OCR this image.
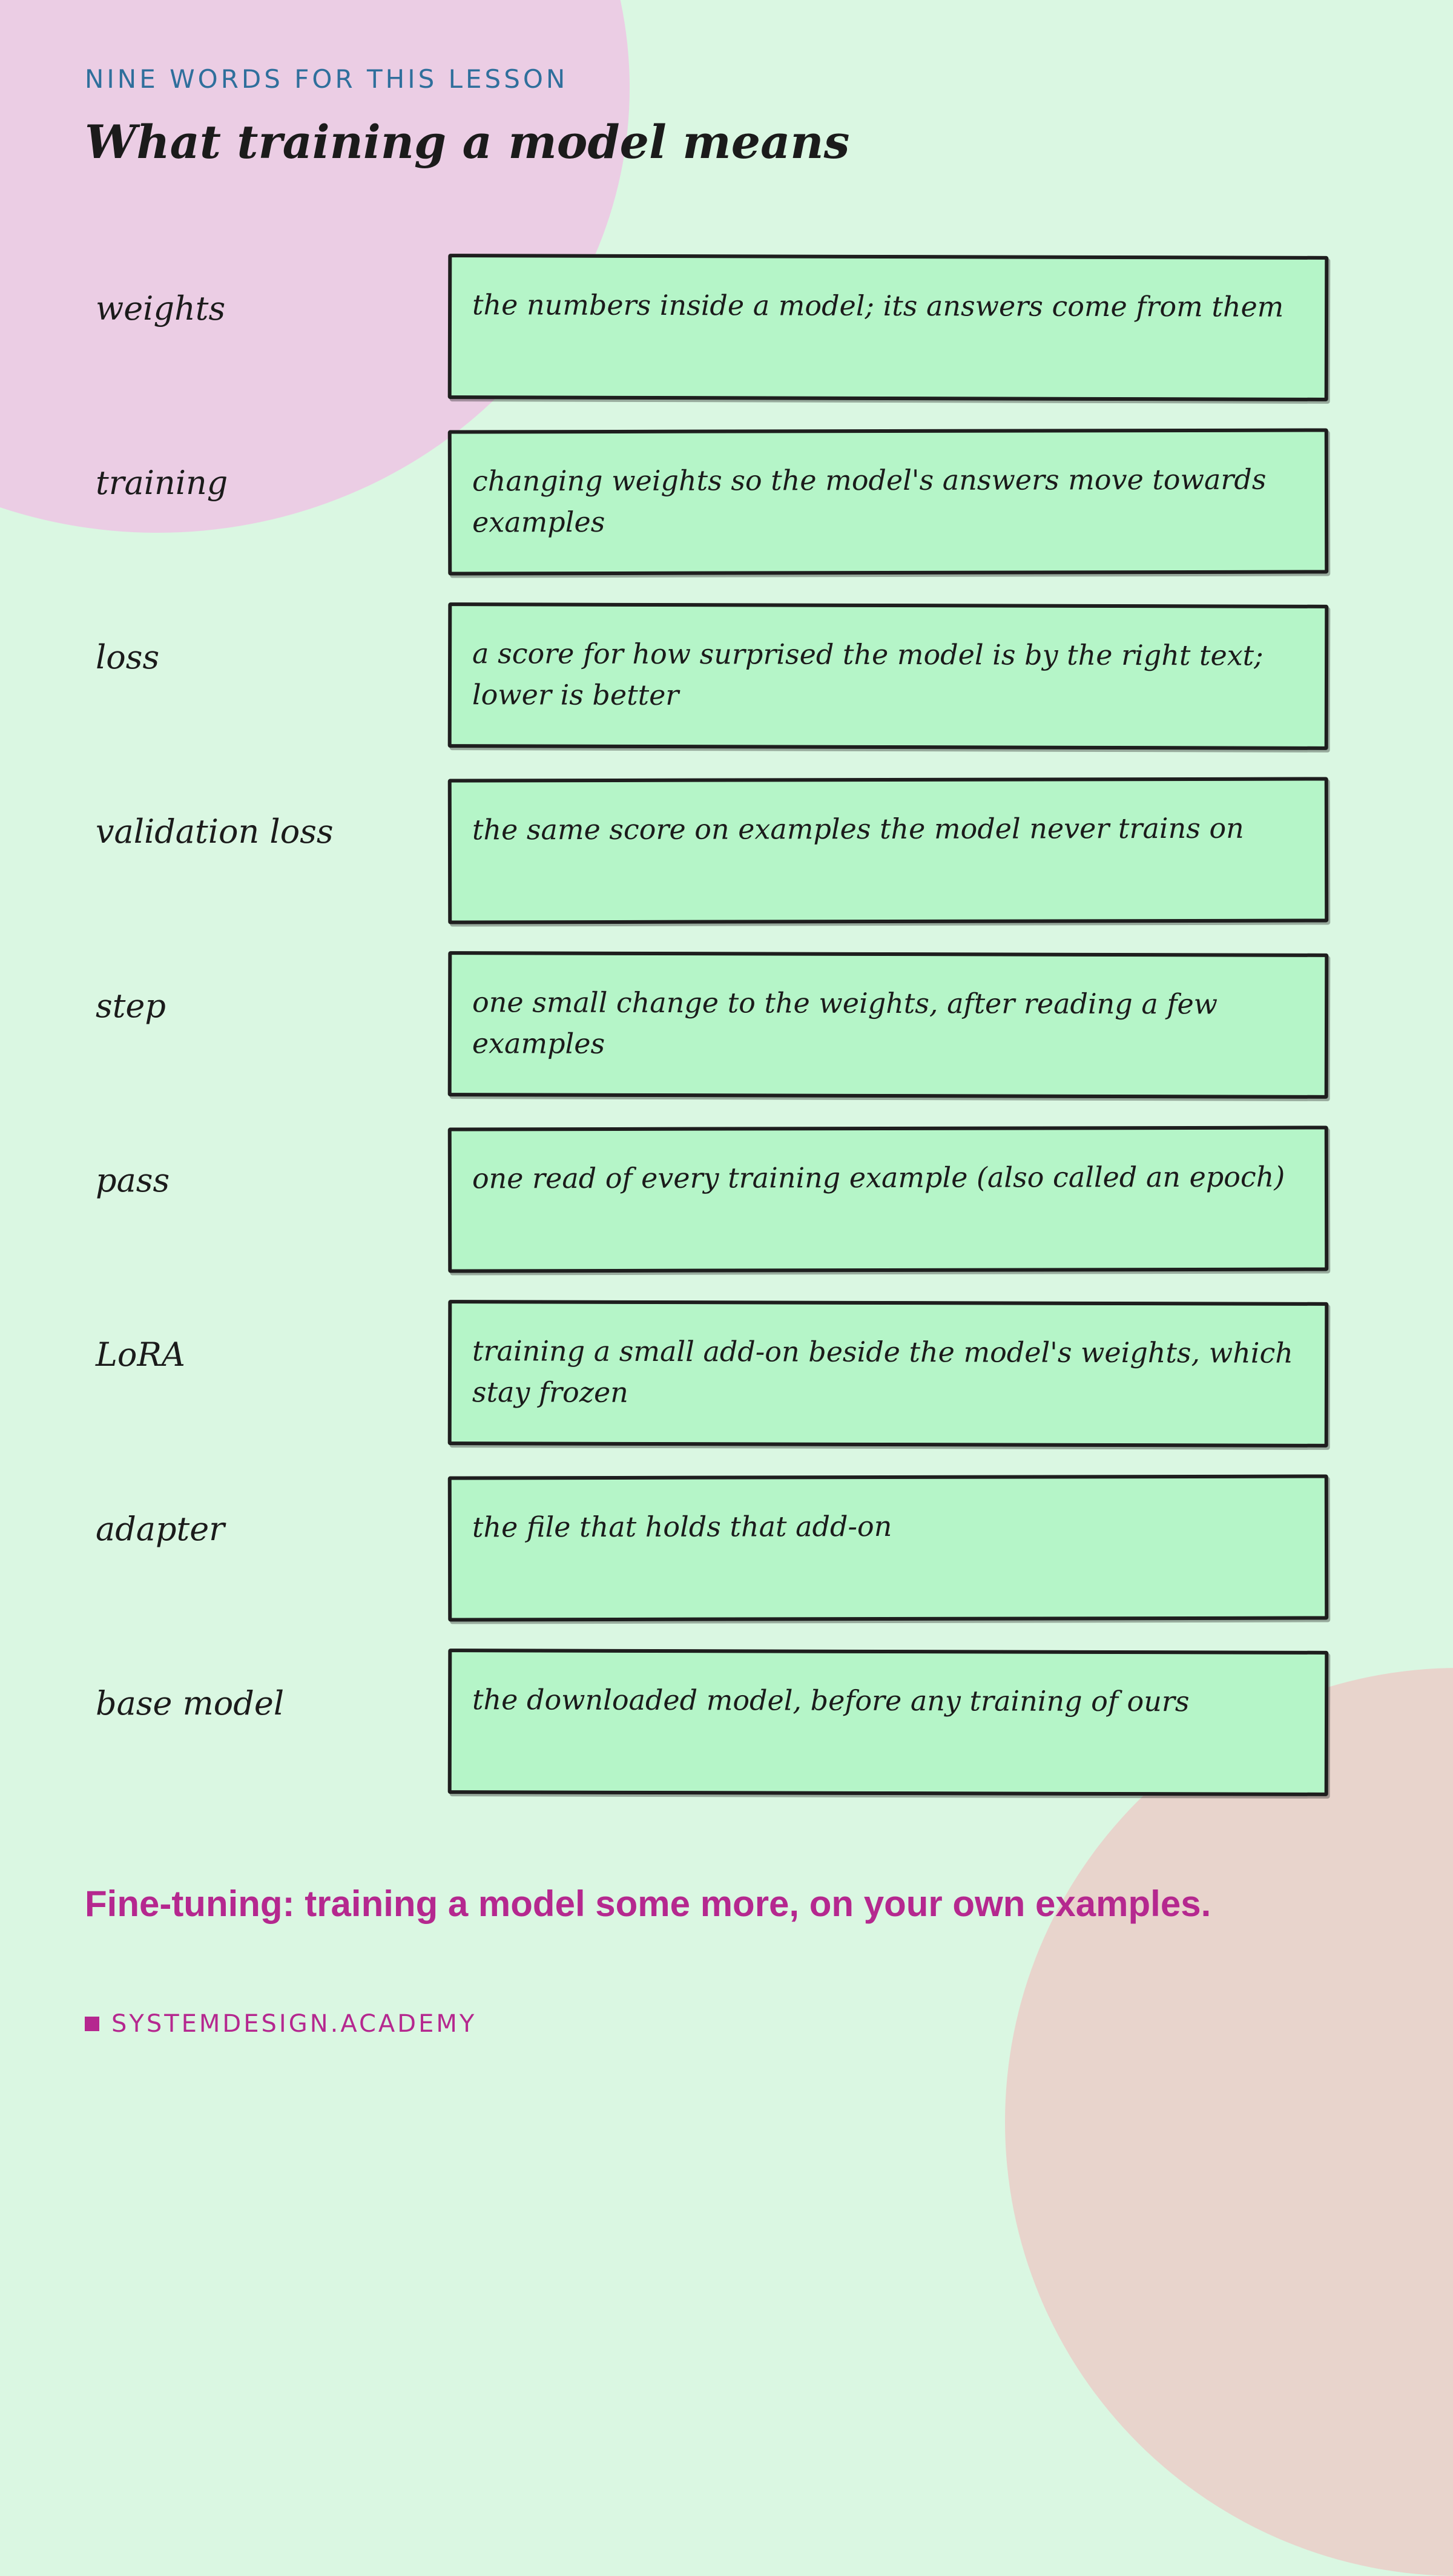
NINE WORDS FOR THIS LESSON
What training a model means
weights	the numbers inside a model; its answers come from them
training	changing weights so the model's answers move towards examples
loss	a score for how surprised the model is by the right text; lower is better
validation loss	the same score on examples the model never trains on
step	one small change to the weights, after reading a few examples
pass	one read of every training example (also called an epoch)
LoRA	training a small add-on beside the model's weights, which stay frozen
adapter	the file that holds that add-on
base model	the downloaded model, before any training of ours

Fine-tuning: training a model some more, on your own examples.

SYSTEMDESIGN.ACADEMY
